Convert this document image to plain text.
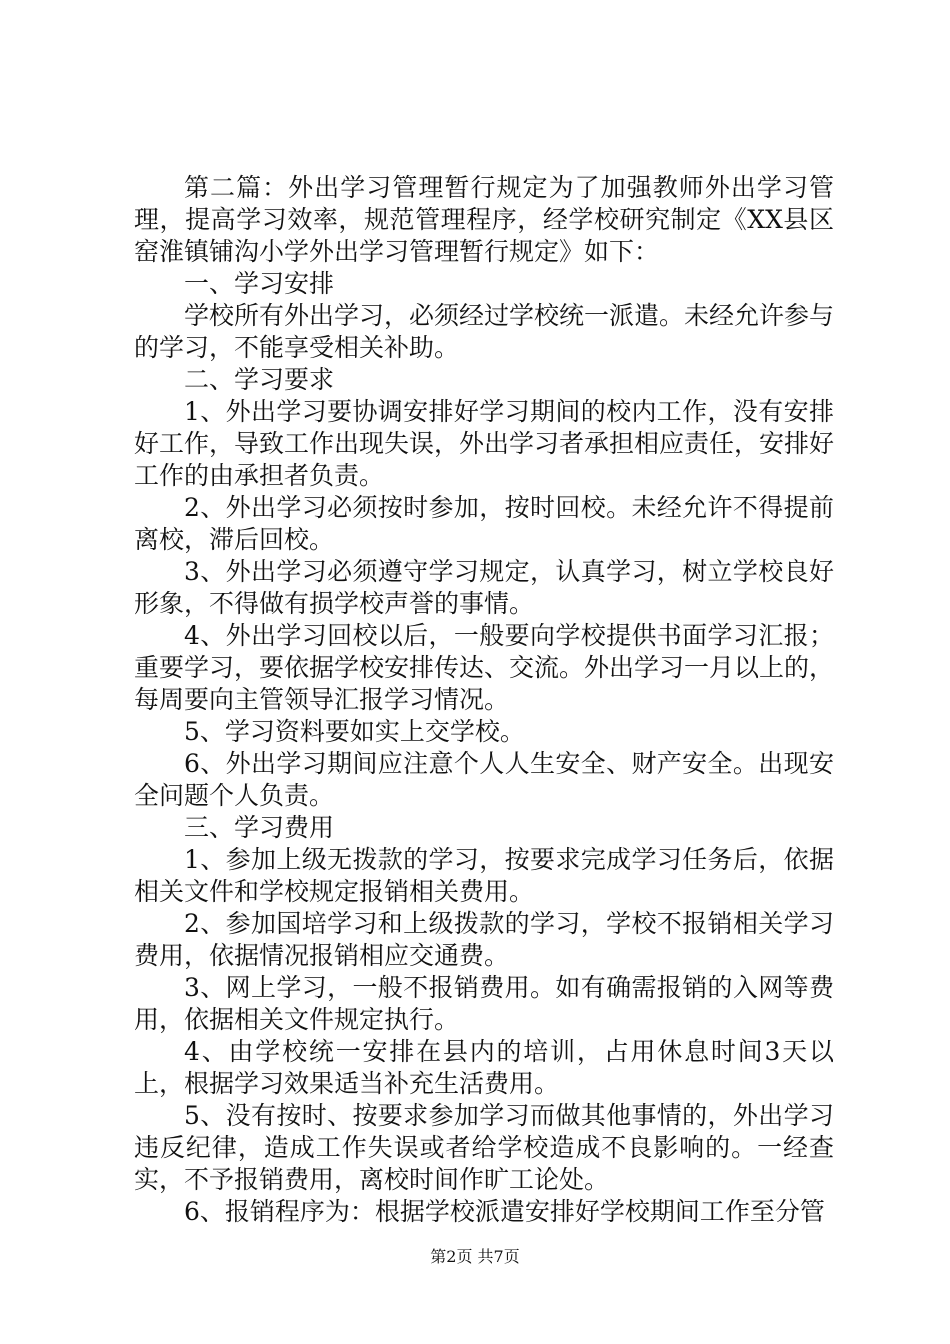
第二篇：外出学习管理暂行规定为了加强教师外出学习管理，提高学习效率，规范管理程序，经学校研究制定《XX县区窑淮镇铺沟小学外出学习管理暂行规定》如下：

一、学习安排

学校所有外出学习，必须经过学校统一派遣。未经允许参与的学习，不能享受相关补助。

二、学习要求

1、外出学习要协调安排好学习期间的校内工作，没有安排好工作，导致工作出现失误，外出学习者承担相应责任，安排好工作的由承担者负责。

2、外出学习必须按时参加，按时回校。未经允许不得提前离校，滞后回校。

3、外出学习必须遵守学习规定，认真学习，树立学校良好形象，不得做有损学校声誉的事情。

4、外出学习回校以后，一般要向学校提供书面学习汇报；重要学习，要依据学校安排传达、交流。外出学习一月以上的，每周要向主管领导汇报学习情况。

5、学习资料要如实上交学校。

6、外出学习期间应注意个人人生安全、财产安全。出现安全问题个人负责。

三、学习费用

1、参加上级无拨款的学习，按要求完成学习任务后，依据相关文件和学校规定报销相关费用。

2、参加国培学习和上级拨款的学习，学校不报销相关学习费用，依据情况报销相应交通费。

3、网上学习，一般不报销费用。如有确需报销的入网等费用，依据相关文件规定执行。

4、由学校统一安排在县内的培训，占用休息时间3天以上，根据学习效果适当补充生活费用。

5、没有按时、按要求参加学习而做其他事情的，外出学习违反纪律，造成工作失误或者给学校造成不良影响的。一经查实，不予报销费用，离校时间作旷工论处。

6、报销程序为：根据学校派遣安排好学校期间工作至分管

第2页 共7页
